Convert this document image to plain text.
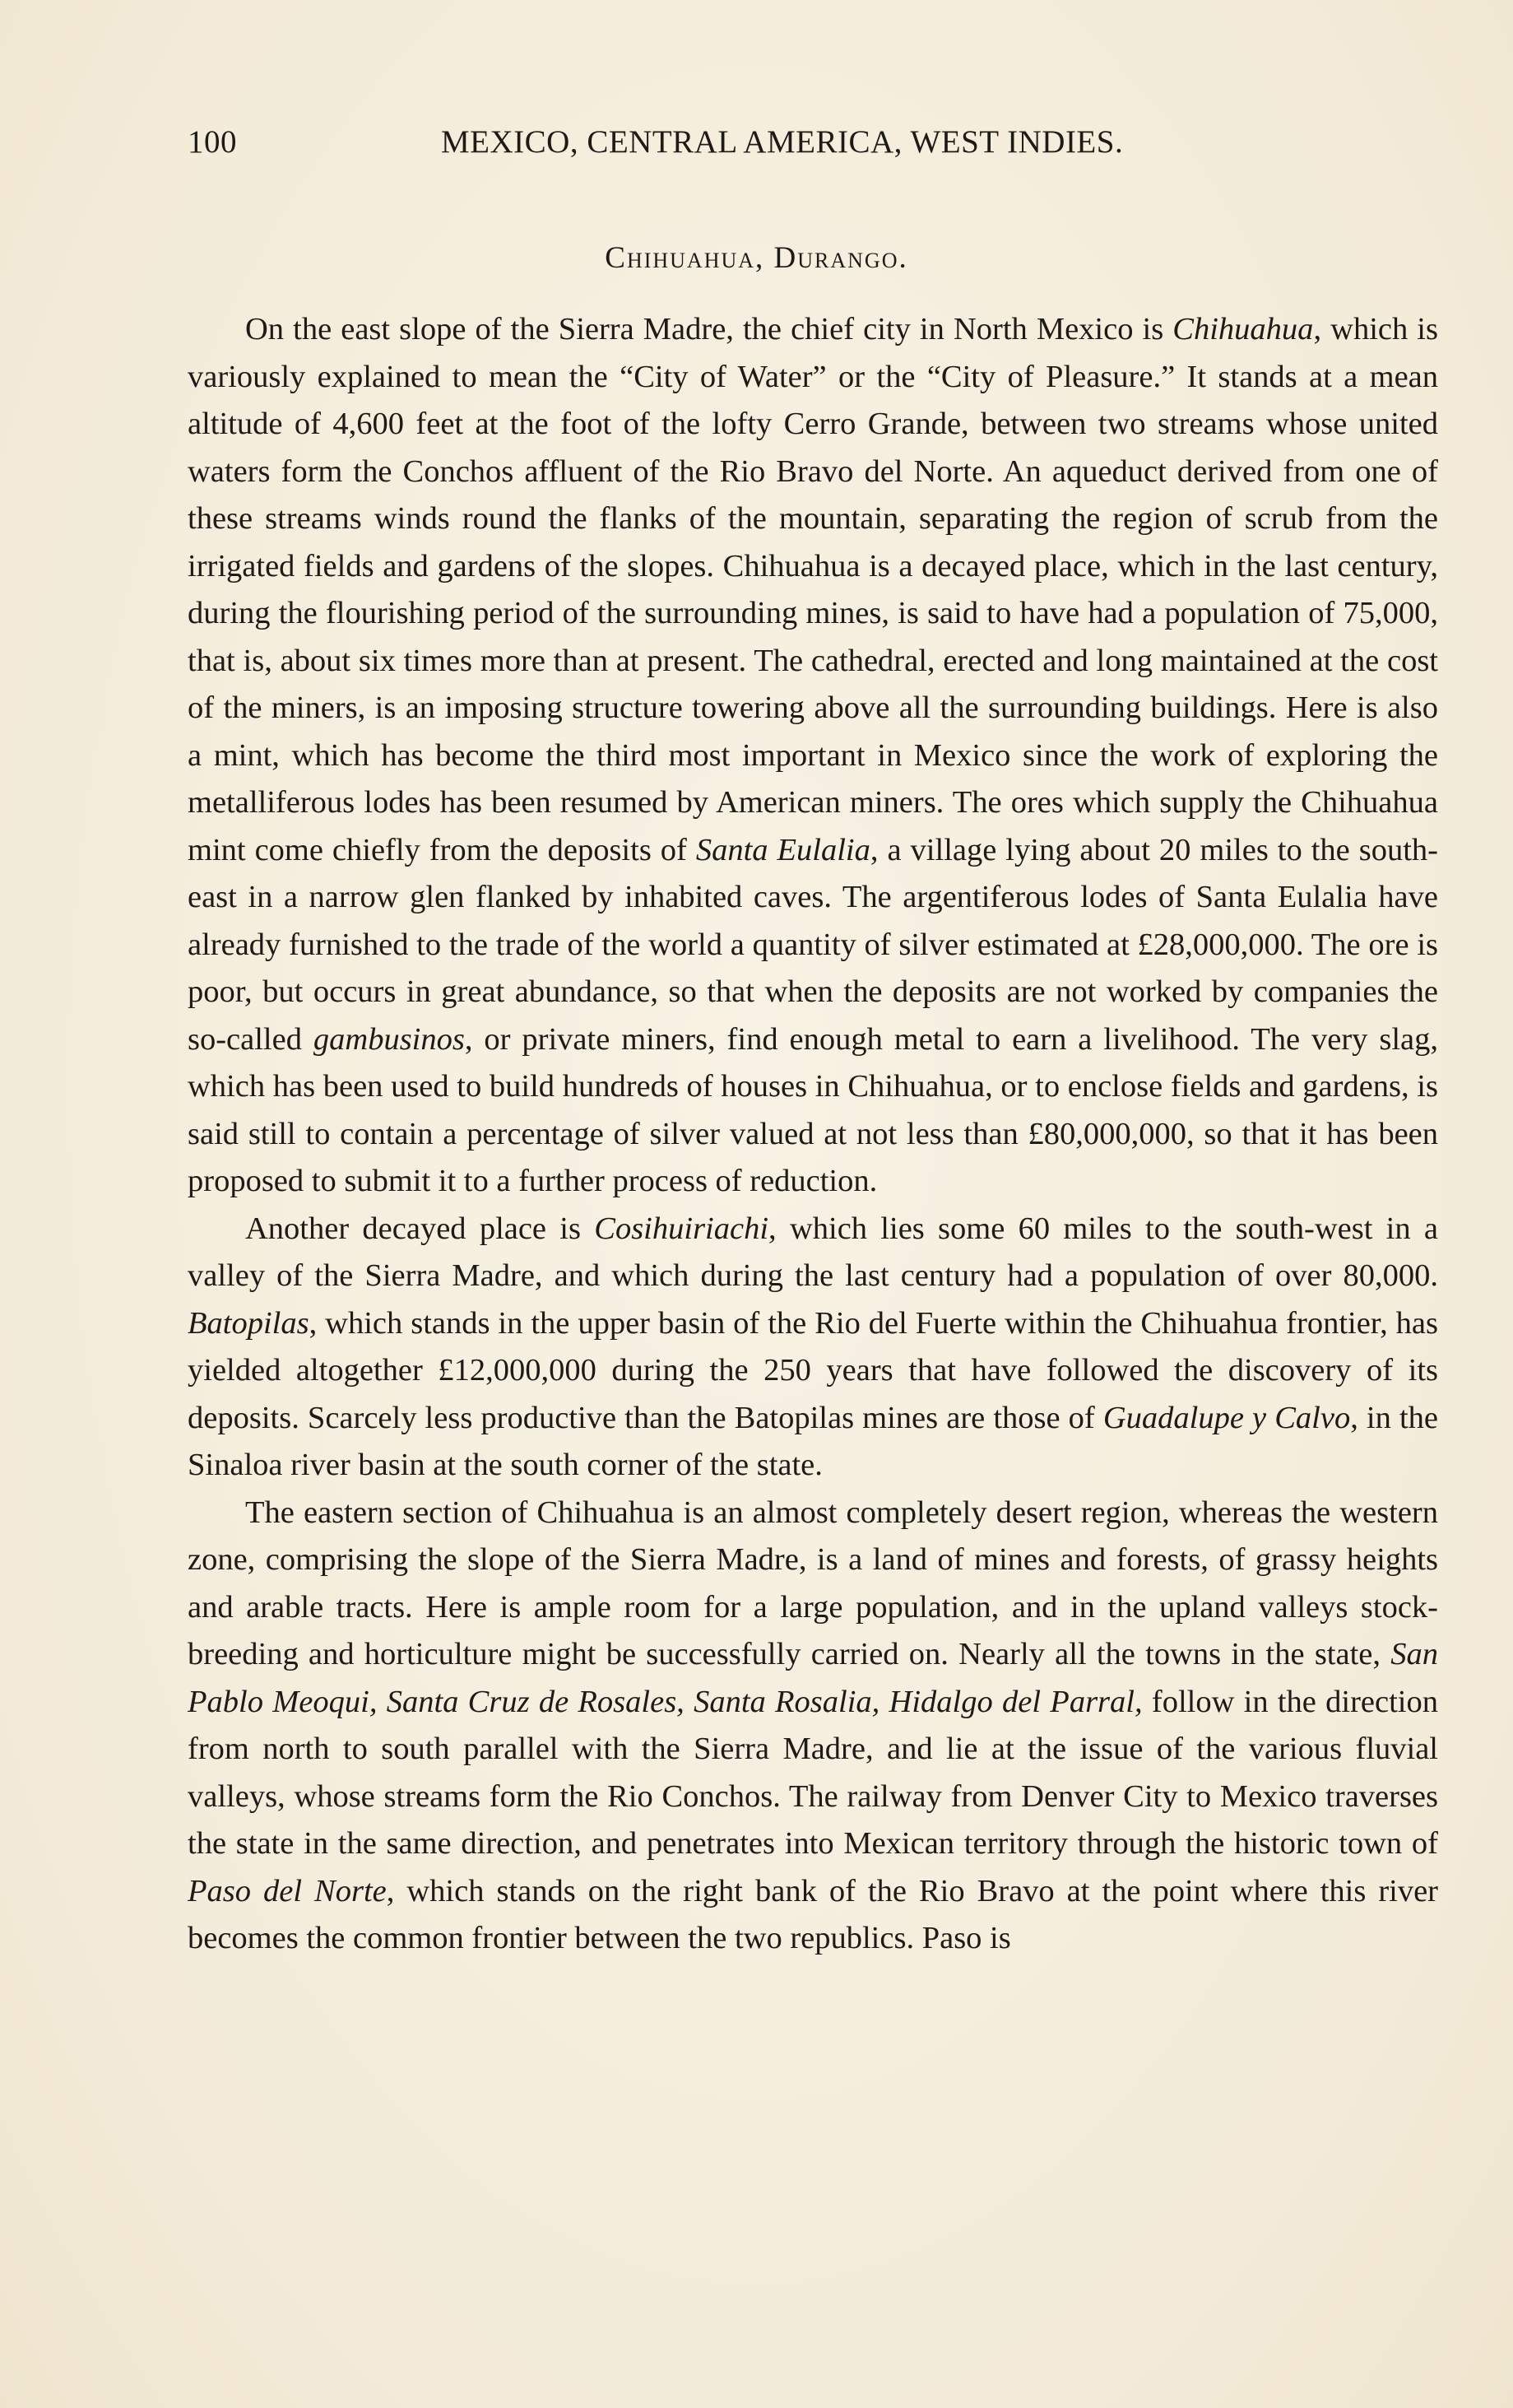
100	MEXICO, CENTRAL AMERICA, WEST INDIES.
Chihuahua, Durango.

On the east slope of the Sierra Madre, the chief city in North Mexico is Chihuahua, which is variously explained to mean the “City of Water” or the “City of Pleasure.” It stands at a mean altitude of 4,600 feet at the foot of the lofty Cerro Grande, between two streams whose united waters form the Conchos affluent of the Rio Bravo del Norte. An aqueduct derived from one of these streams winds round the flanks of the mountain, separating the region of scrub from the irrigated fields and gardens of the slopes. Chihuahua is a decayed place, which in the last century, during the flourishing period of the surrounding mines, is said to have had a population of 75,000, that is, about six times more than at present. The cathedral, erected and long maintained at the cost of the miners, is an imposing structure towering above all the surrounding buildings. Here is also a mint, which has become the third most important in Mexico since the work of exploring the metalliferous lodes has been resumed by American miners. The ores which supply the Chihuahua mint come chiefly from the deposits of Santa Eulalia, a village lying about 20 miles to the south-east in a narrow glen flanked by inhabited caves. The argentiferous lodes of Santa Eulalia have already furnished to the trade of the world a quantity of silver estimated at £28,000,000. The ore is poor, but occurs in great abundance, so that when the deposits are not worked by companies the so-called gambusinos, or private miners, find enough metal to earn a livelihood. The very slag, which has been used to build hundreds of houses in Chihuahua, or to enclose fields and gardens, is said still to contain a percentage of silver valued at not less than £80,000,000, so that it has been proposed to submit it to a further process of reduction.

Another decayed place is Cosihuiriachi, which lies some 60 miles to the south-west in a valley of the Sierra Madre, and which during the last century had a population of over 80,000. Batopilas, which stands in the upper basin of the Rio del Fuerte within the Chihuahua frontier, has yielded altogether £12,000,000 during the 250 years that have followed the discovery of its deposits. Scarcely less productive than the Batopilas mines are those of Guadalupe y Calvo, in the Sinaloa river basin at the south corner of the state.

The eastern section of Chihuahua is an almost completely desert region, whereas the western zone, comprising the slope of the Sierra Madre, is a land of mines and forests, of grassy heights and arable tracts. Here is ample room for a large population, and in the upland valleys stock-breeding and horticulture might be successfully carried on. Nearly all the towns in the state, San Pablo Meoqui, Santa Cruz de Rosales, Santa Rosalia, Hidalgo del Parral, follow in the direction from north to south parallel with the Sierra Madre, and lie at the issue of the various fluvial valleys, whose streams form the Rio Conchos. The railway from Denver City to Mexico traverses the state in the same direction, and penetrates into Mexican territory through the historic town of Paso del Norte, which stands on the right bank of the Rio Bravo at the point where this river becomes the common frontier between the two republics. Paso is
